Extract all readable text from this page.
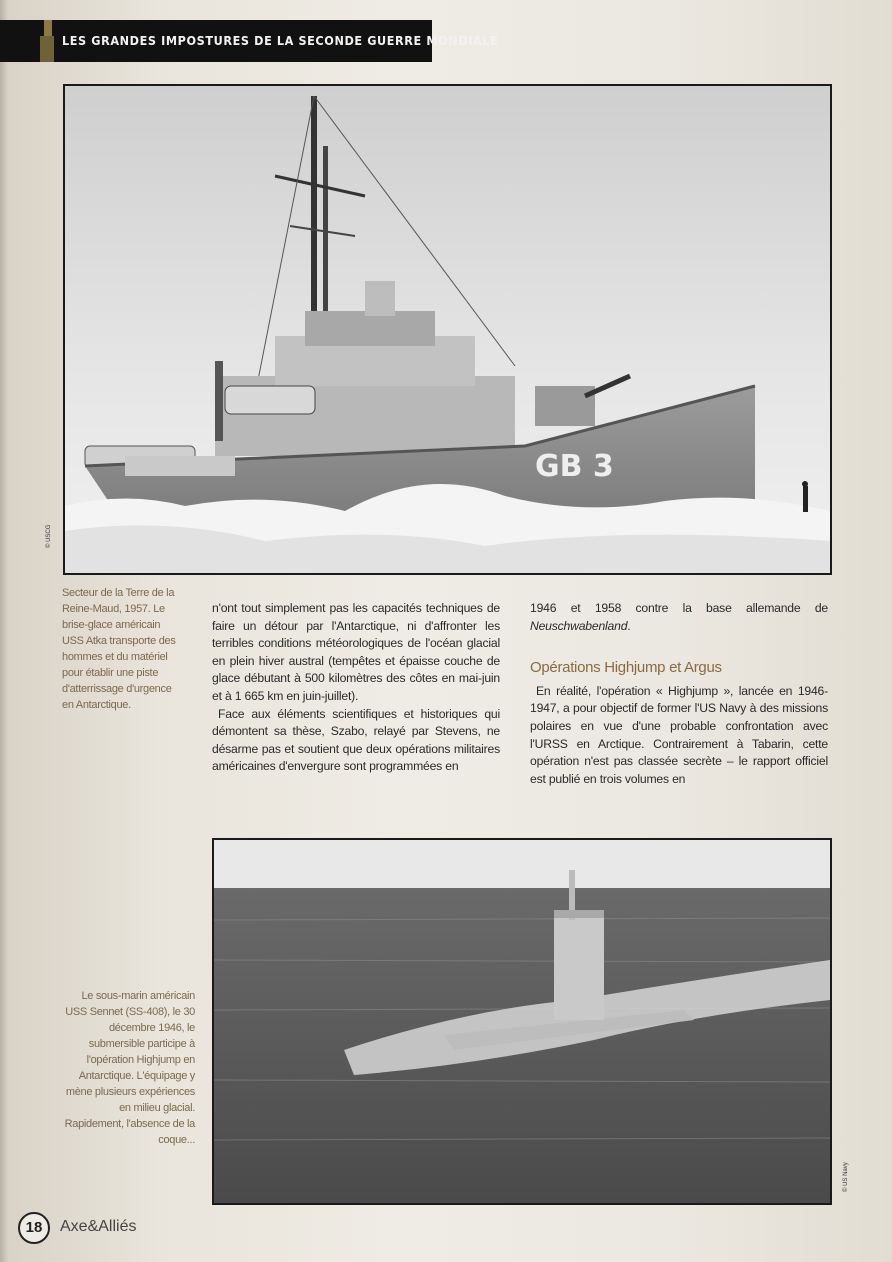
LES GRANDES IMPOSTURES DE LA SECONDE GUERRE MONDIALE
GB 3
© USCG
Secteur de la Terre de la Reine-Maud, 1957. Le brise-glace américain USS Atka transporte des hommes et du matériel pour établir une piste d'atterrissage d'urgence en Antarctique.

n'ont tout simplement pas les capacités techniques de faire un détour par l'Antarctique, ni d'affronter les terribles conditions météorologiques de l'océan glacial en plein hiver austral (tempêtes et épaisse couche de glace débutant à 500 kilomètres des côtes en mai-juin et à 1 665 km en juin-juillet).

Face aux éléments scientifiques et historiques qui démontent sa thèse, Szabo, relayé par Stevens, ne désarme pas et soutient que deux opérations militaires américaines d'envergure sont programmées en

1946 et 1958 contre la base allemande de Neuschwabenland.

Opérations Highjump et Argus

En réalité, l'opération « Highjump », lancée en 1946-1947, a pour objectif de former l'US Navy à des missions polaires en vue d'une probable confrontation avec l'URSS en Arctique. Contrairement à Tabarin, cette opération n'est pas classée secrète – le rapport officiel est publié en trois volumes en

© US Navy
Le sous-marin américain USS Sennet (SS-408), le 30 décembre 1946, le submersible participe à l'opération Highjump en Antarctique. L'équipage y mène plusieurs expériences en milieu glacial. Rapidement, l'absence de la coque...
18	Axe&Alliés
